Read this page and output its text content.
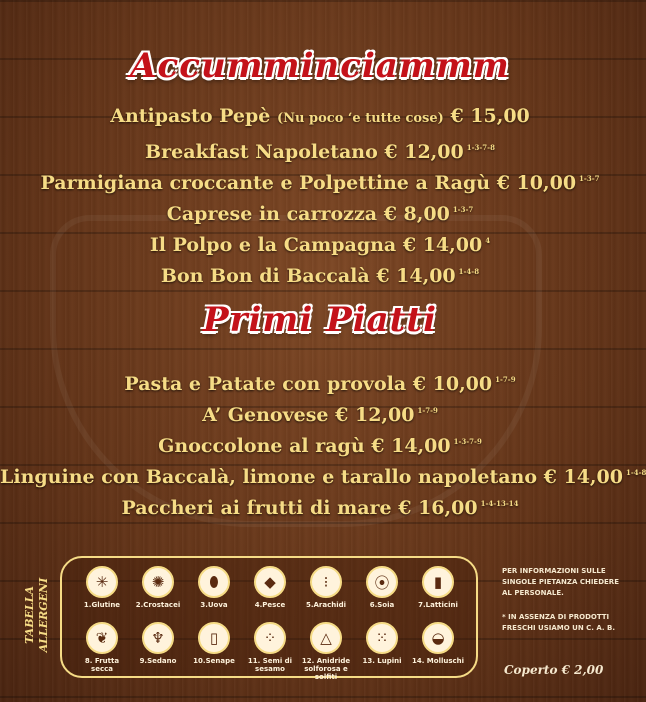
Accumminciammm
Antipasto Pepè (Nu poco ‘e tutte cose) € 15,00
Breakfast Napoletano € 12,00 $^{1-3-7-8}$
Parmigiana croccante e Polpettine a Ragù € 10,00 $^{1-3-7}$
Caprese in carrozza € 8,00 $^{1-3-7}$
Il Polpo e la Campagna € 14,00 $^4$
Bon Bon di Baccalà € 14,00 $^{1-4-8}$
Primi Piatti
Pasta e Patate con provola € 10,00 $^{1-7-9}$
A’ Genovese € 12,00 $^{1-7-9}$
Gnoccolone al ragù € 14,00 $^{1-3-7-9}$
Linguine con Baccalà, limone e tarallo napoletano € 14,00 $^{1-4-8}$
Paccheri ai frutti di mare € 16,00 $^{1-4-13-14}$
TABELLA ALLERGENI	✳
1.Glutine
✺
2.Crostacei
⬮
3.Uova
◆
4.Pesce
⁝
5.Arachidi
⦿
6.Soia
▮
7.Latticini
❦
8. Frutta secca
♆
9.Sedano
▯
10.Senape
⁘
11. Semi di sesamo
△
12. Anidride solforosa e solfiti
⁙
13. Lupini
◒
14. Molluschi
PER INFORMAZIONI SULLE SINGOLE PIETANZA CHIEDERE AL PERSONALE.
* IN ASSENZA DI PRODOTTI FRESCHI USIAMO UN C. A. B.
Coperto € 2,00
